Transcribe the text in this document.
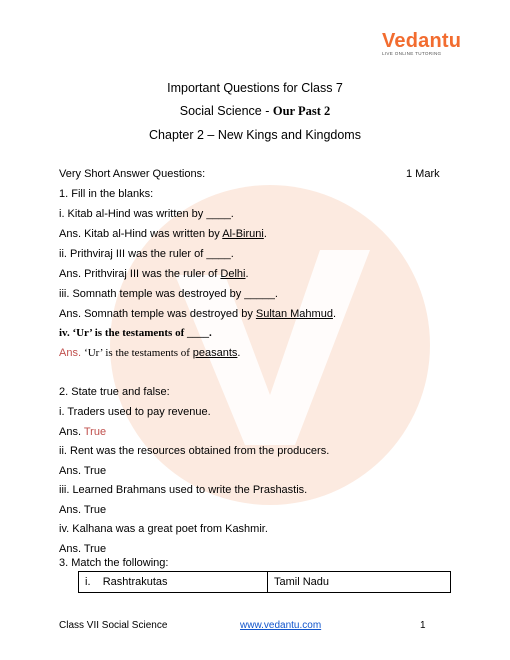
Vedantu
LIVE ONLINE TUTORING
Important Questions for Class 7
Social Science - Our Past 2
Chapter 2 – New Kings and Kingdoms
Very Short Answer Questions:	1 Mark
1. Fill in the blanks:
i. Kitab al-Hind was written by ____.
Ans. Kitab al-Hind was written by Al-Biruni.
ii. Prithviraj III was the ruler of ____.
Ans. Prithviraj III was the ruler of Delhi.
iii. Somnath temple was destroyed by _____.
Ans. Somnath temple was destroyed by Sultan Mahmud.
iv. ‘Ur’ is the testaments of ____.
Ans. ‘Ur’ is the testaments of peasants.
2. State true and false:
i. Traders used to pay revenue.
Ans. True
ii. Rent was the resources obtained from the producers.
Ans. True
iii. Learned Brahmans used to write the Prashastis.
Ans. True
iv. Kalhana was a great poet from Kashmir.
Ans. True
3. Match the following:
i. Rashtrakutas	Tamil Nadu
Class VII Social Science	www.vedantu.com	1
